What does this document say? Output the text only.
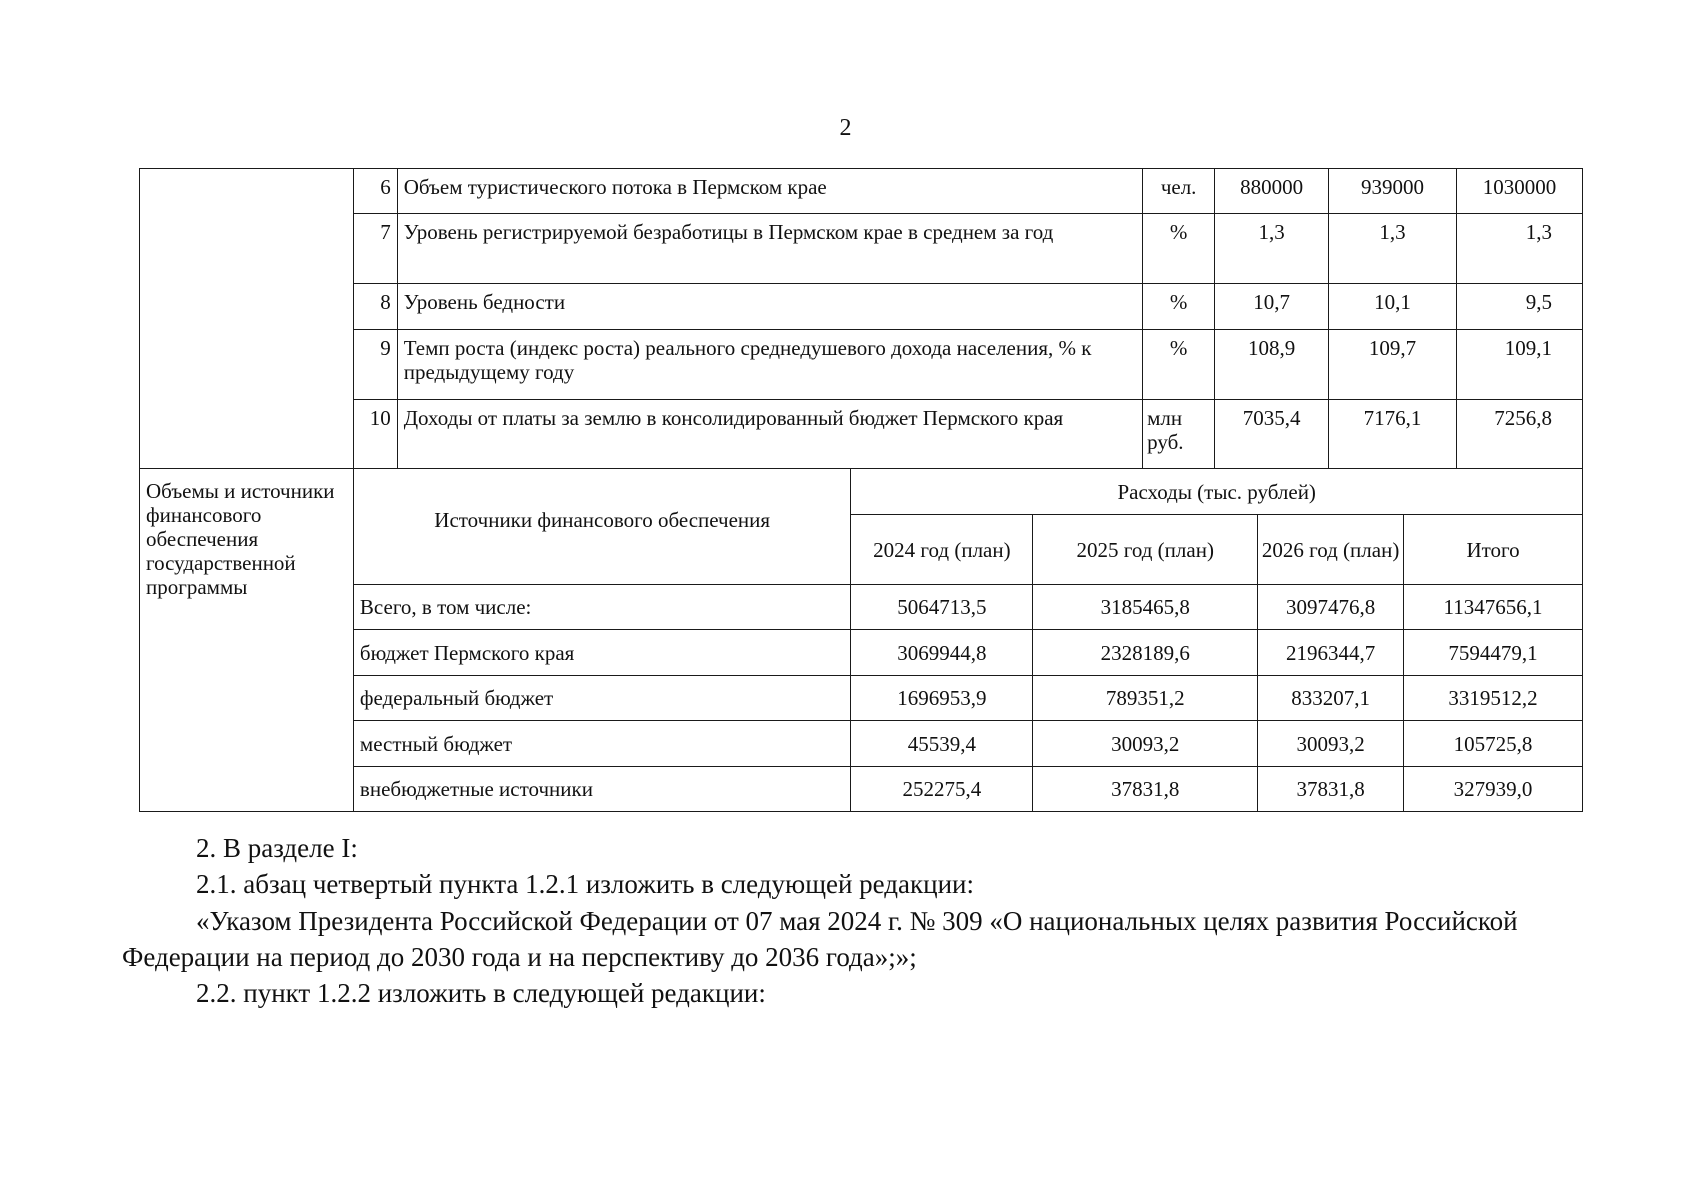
2
	6	Объем туристического потока в Пермском крае	чел.	880000	939000	1030000
	7	Уровень регистрируемой безработицы в Пермском крае в среднем за год	%	1,3	1,3	1,3
	8	Уровень бедности	%	10,7	10,1	9,5
	9	Темп роста (индекс роста) реального среднедушевого дохода населения, % к предыдущему году	%	108,9	109,7	109,1
	10	Доходы от платы за землю в консолидированный бюджет Пермского края	млн руб.	7035,4	7176,1	7256,8
Объемы и источники финансового обеспечения государственной программы	Источники финансового обеспечения	Расходы (тыс. рублей)			
		2024 год (план)	2025 год (план)	2026 год (план)	Итого
	Всего, в том числе:	5064713,5	3185465,8	3097476,8	11347656,1
	бюджет Пермского края	3069944,8	2328189,6	2196344,7	7594479,1
	федеральный бюджет	1696953,9	789351,2	833207,1	3319512,2
	местный бюджет	45539,4	30093,2	30093,2	105725,8
	внебюджетные источники	252275,4	37831,8	37831,8	327939,0
2. В разделе I:
2.1. абзац четвертый пункта 1.2.1 изложить в следующей редакции:
«Указом Президента Российской Федерации от 07 мая 2024 г. № 309 «О национальных целях развития Российской
Федерации на период до 2030 года и на перспективу до 2036 года»;»;
2.2. пункт 1.2.2 изложить в следующей редакции:
